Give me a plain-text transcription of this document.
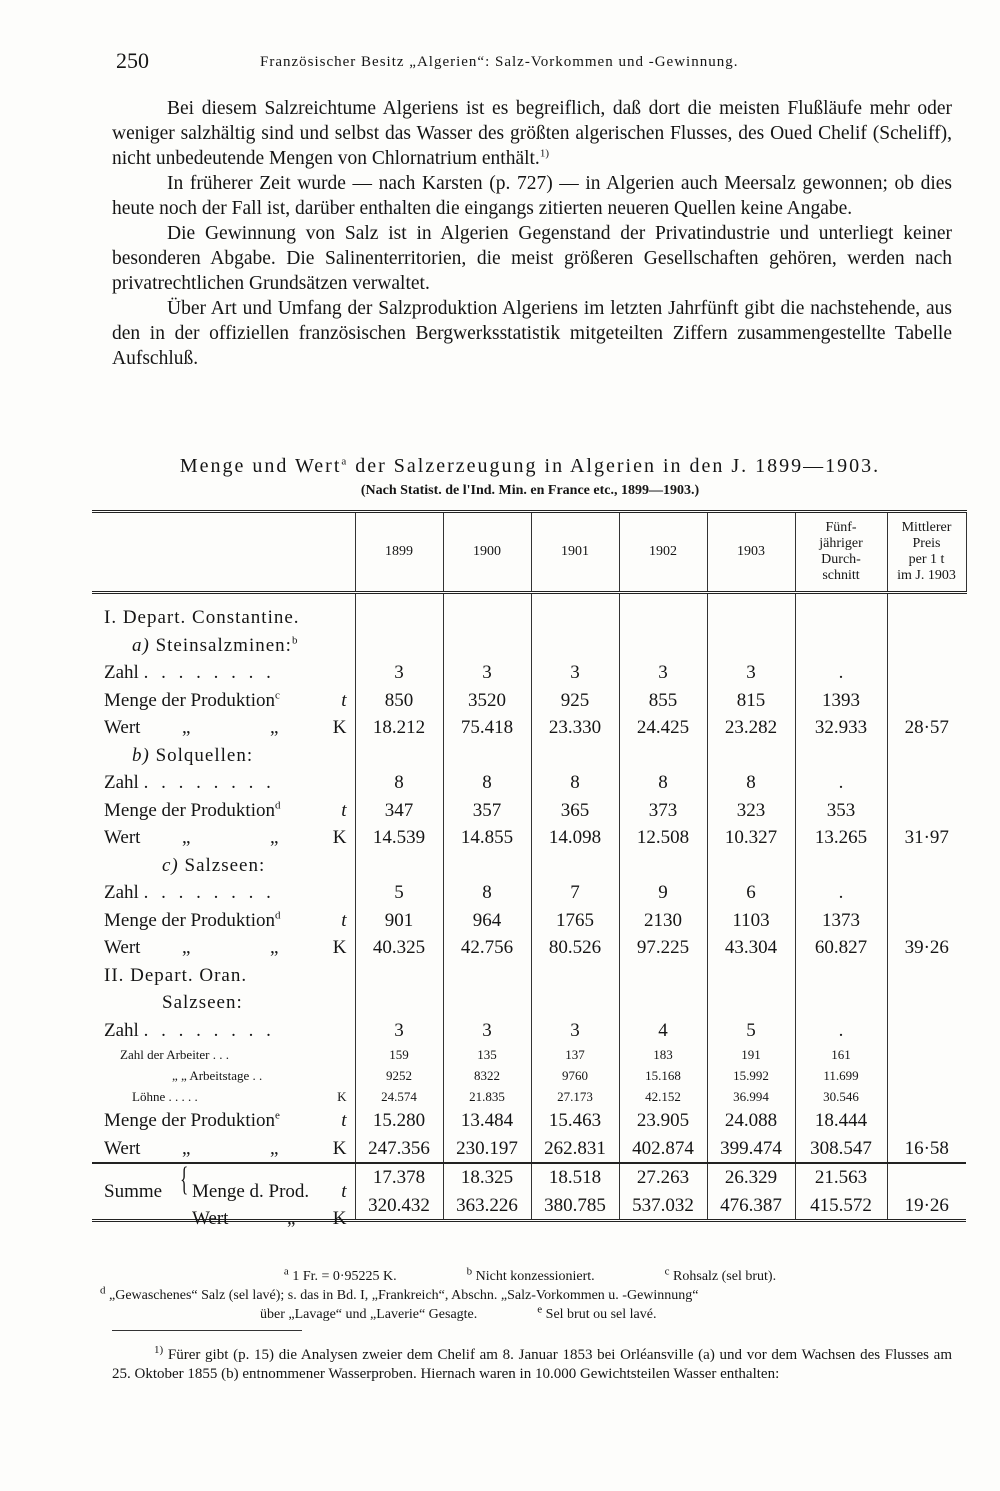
250	Französischer Besitz „Algerien“: Salz-Vorkommen und -Gewinnung.

Bei diesem Salzreichtume Algeriens ist es begreiflich, daß dort die meisten Flußläufe mehr oder weniger salzhältig sind und selbst das Wasser des größten algerischen Flusses, des Oued Chelif (Scheliff), nicht unbedeutende Mengen von Chlornatrium enthält.$^{1)}$

In früherer Zeit wurde — nach Karsten (p. 727) — in Algerien auch Meersalz gewonnen; ob dies heute noch der Fall ist, darüber enthalten die eingangs zitierten neueren Quellen keine Angabe.

Die Gewinnung von Salz ist in Algerien Gegenstand der Privatindustrie und unterliegt keiner besonderen Abgabe. Die Salinenterritorien, die meist größeren Gesellschaften gehören, werden nach privatrechtlichen Grundsätzen verwaltet.

Über Art und Umfang der Salzproduktion Algeriens im letzten Jahrfünft gibt die nachstehende, aus den in der offiziellen französischen Bergwerksstatistik mitgeteilten Ziffern zusammengestellte Tabelle Aufschluß.

Menge und Wert$^a$ der Salzerzeugung in Algerien in den J. 1899—1903.
(Nach Statist. de l'Ind. Min. en France etc., 1899—1903.)
	1899	1900	1901	1902	1903	Fünf-
jähriger
Durch-
schnitt	Mittlerer
Preis
per 1 t
im J. 1903

I. Depart. Constantine.							
a) Steinsalzminen:$^b$							
Zahl . . . . . . . .	3	3	3	3	3	.	
Menge der Produktion$^c$ t	850	3520	925	855	815	1393	
Wert „ „ K	18.212	75.418	23.330	24.425	23.282	32.933	28·57
b) Solquellen:							
Zahl . . . . . . . .	8	8	8	8	8	.	
Menge der Produktion$^d$ t	347	357	365	373	323	353	
Wert „ „ K	14.539	14.855	14.098	12.508	10.327	13.265	31·97
c) Salzseen:							
Zahl . . . . . . . .	5	8	7	9	6	.	
Menge der Produktion$^d$ t	901	964	1765	2130	1103	1373	
Wert „ „ K	40.325	42.756	80.526	97.225	43.304	60.827	39·26
II. Depart. Oran.							
Salzseen:							
Zahl . . . . . . . .	3	3	3	4	5	.	
Zahl der Arbeiter . . .	159	135	137	183	191	161	
„ „ Arbeitstage . .	9252	8322	9760	15.168	15.992	11.699	
Löhne . . . . . K	24.574	21.835	27.173	42.152	36.994	30.546	
Menge der Produktion$^e$ t	15.280	13.484	15.463	23.905	24.088	18.444	
Wert „ „ K	247.356	230.197	262.831	402.874	399.474	308.547	16·58

Summe { Menge d. Prod. t	17.378	18.325	18.518	27.263	26.329	21.563	

Wert „ K	320.432	363.226	380.785	537.032	476.387	415.572	19·26
$^a$ 1 Fr. = 0·95225 K.	$^b$ Nicht konzessioniert.	$^c$ Rohsalz (sel brut).
$^d$ „Gewaschenes“ Salz (sel lavé); s. das in Bd. I, „Frankreich“, Abschn. „Salz-Vorkommen u. -Gewinnung“
über „Lavage“ und „Laverie“ Gesagte.	$^e$ Sel brut ou sel lavé.

$^{1)}$ Fürer gibt (p. 15) die Analysen zweier dem Chelif am 8. Januar 1853 bei Orléansville (a) und vor dem Wachsen des Flusses am 25. Oktober 1855 (b) entnommener Wasserproben. Hiernach waren in 10.000 Gewichtsteilen Wasser enthalten:
